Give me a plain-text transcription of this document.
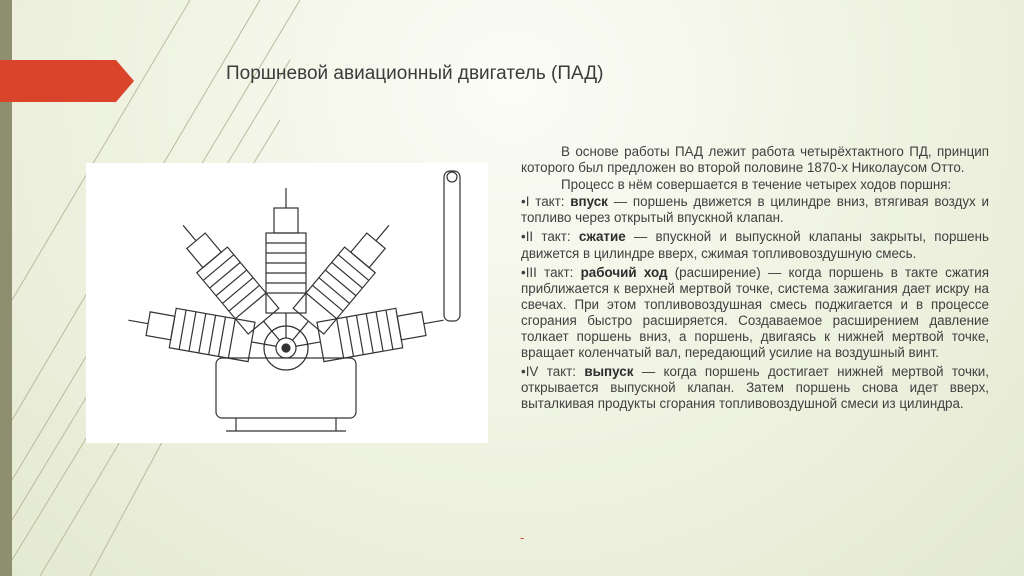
Поршневой авиационный двигатель (ПАД)

В основе работы ПАД лежит работа четырёхтактного ПД, принцип которого был предложен во второй половине 1870-х Николаусом Отто.

Процесс в нём совершается в течение четырех ходов поршня:

•I такт: впуск — поршень движется в цилиндре вниз, втягивая воздух и топливо через открытый впускной клапан.

•II такт: сжатие — впускной и выпускной клапаны закрыты, поршень движется в цилиндре вверх, сжимая топливовоздушную смесь.

•III такт: рабочий ход (расширение) — когда поршень в такте сжатия приближается к верхней мертвой точке, система зажигания дает искру на свечах. При этом топливовоздушная смесь поджигается и в процессе сгорания быстро расширяется. Создаваемое расширением давление толкает поршень вниз, а поршень, двигаясь к нижней мертвой точке, вращает коленчатый вал, передающий усилие на воздушный винт.

•IV такт: выпуск — когда поршень достигает нижней мертвой точки, открывается выпускной клапан. Затем поршень снова идет вверх, выталкивая продукты сгорания топливовоздушной смеси из цилиндра.

-
